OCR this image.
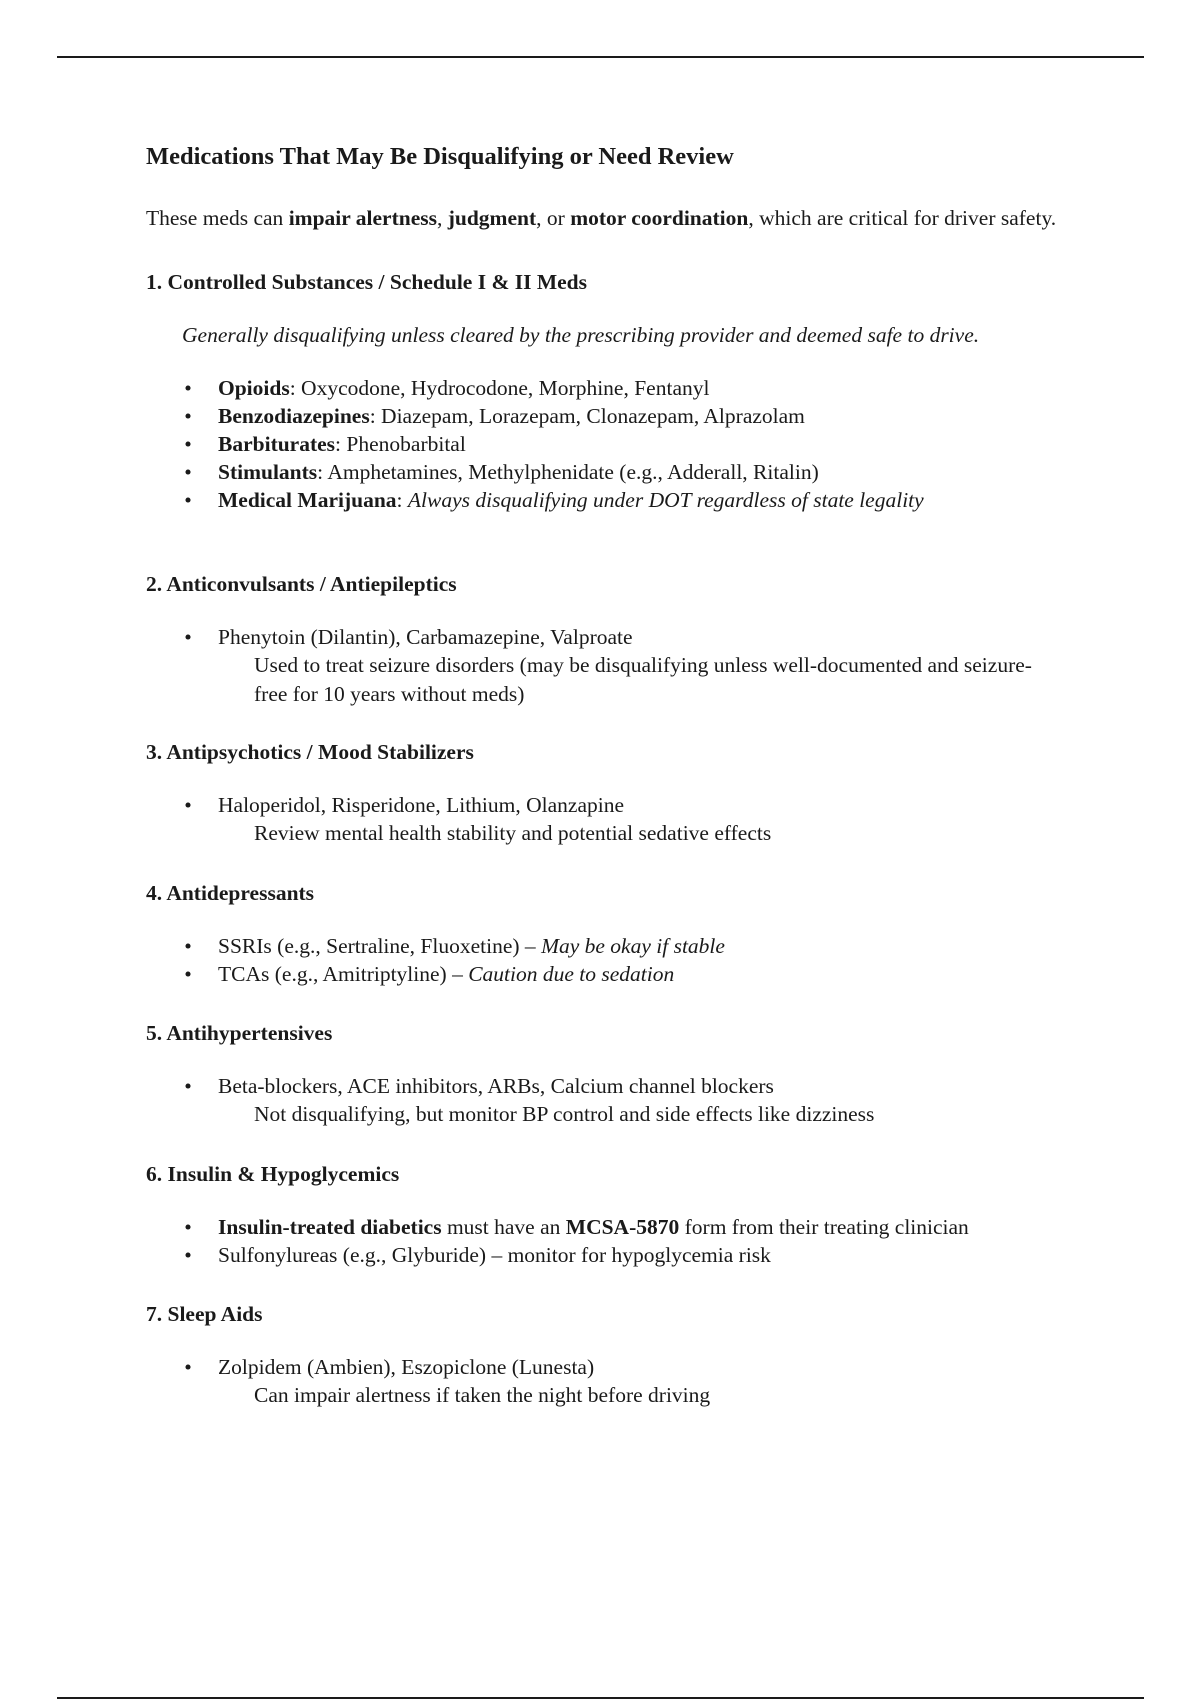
Medications That May Be Disqualifying or Need Review

These meds can impair alertness, judgment, or motor coordination, which are critical for driver safety.

1. Controlled Substances / Schedule I & II Meds
Generally disqualifying unless cleared by the prescribing provider and deemed safe to drive.
• Opioids: Oxycodone, Hydrocodone, Morphine, Fentanyl
• Benzodiazepines: Diazepam, Lorazepam, Clonazepam, Alprazolam
• Barbiturates: Phenobarbital
• Stimulants: Amphetamines, Methylphenidate (e.g., Adderall, Ritalin)
• Medical Marijuana: Always disqualifying under DOT regardless of state legality
2. Anticonvulsants / Antiepileptics
• Phenytoin (Dilantin), Carbamazepine, Valproate
Used to treat seizure disorders (may be disqualifying unless well-documented and seizure-free for 10 years without meds)
3. Antipsychotics / Mood Stabilizers
• Haloperidol, Risperidone, Lithium, Olanzapine
Review mental health stability and potential sedative effects
4. Antidepressants
• SSRIs (e.g., Sertraline, Fluoxetine) – May be okay if stable
• TCAs (e.g., Amitriptyline) – Caution due to sedation
5. Antihypertensives
• Beta-blockers, ACE inhibitors, ARBs, Calcium channel blockers
Not disqualifying, but monitor BP control and side effects like dizziness
6. Insulin & Hypoglycemics
• Insulin-treated diabetics must have an MCSA-5870 form from their treating clinician
• Sulfonylureas (e.g., Glyburide) – monitor for hypoglycemia risk
7. Sleep Aids
• Zolpidem (Ambien), Eszopiclone (Lunesta)
Can impair alertness if taken the night before driving
